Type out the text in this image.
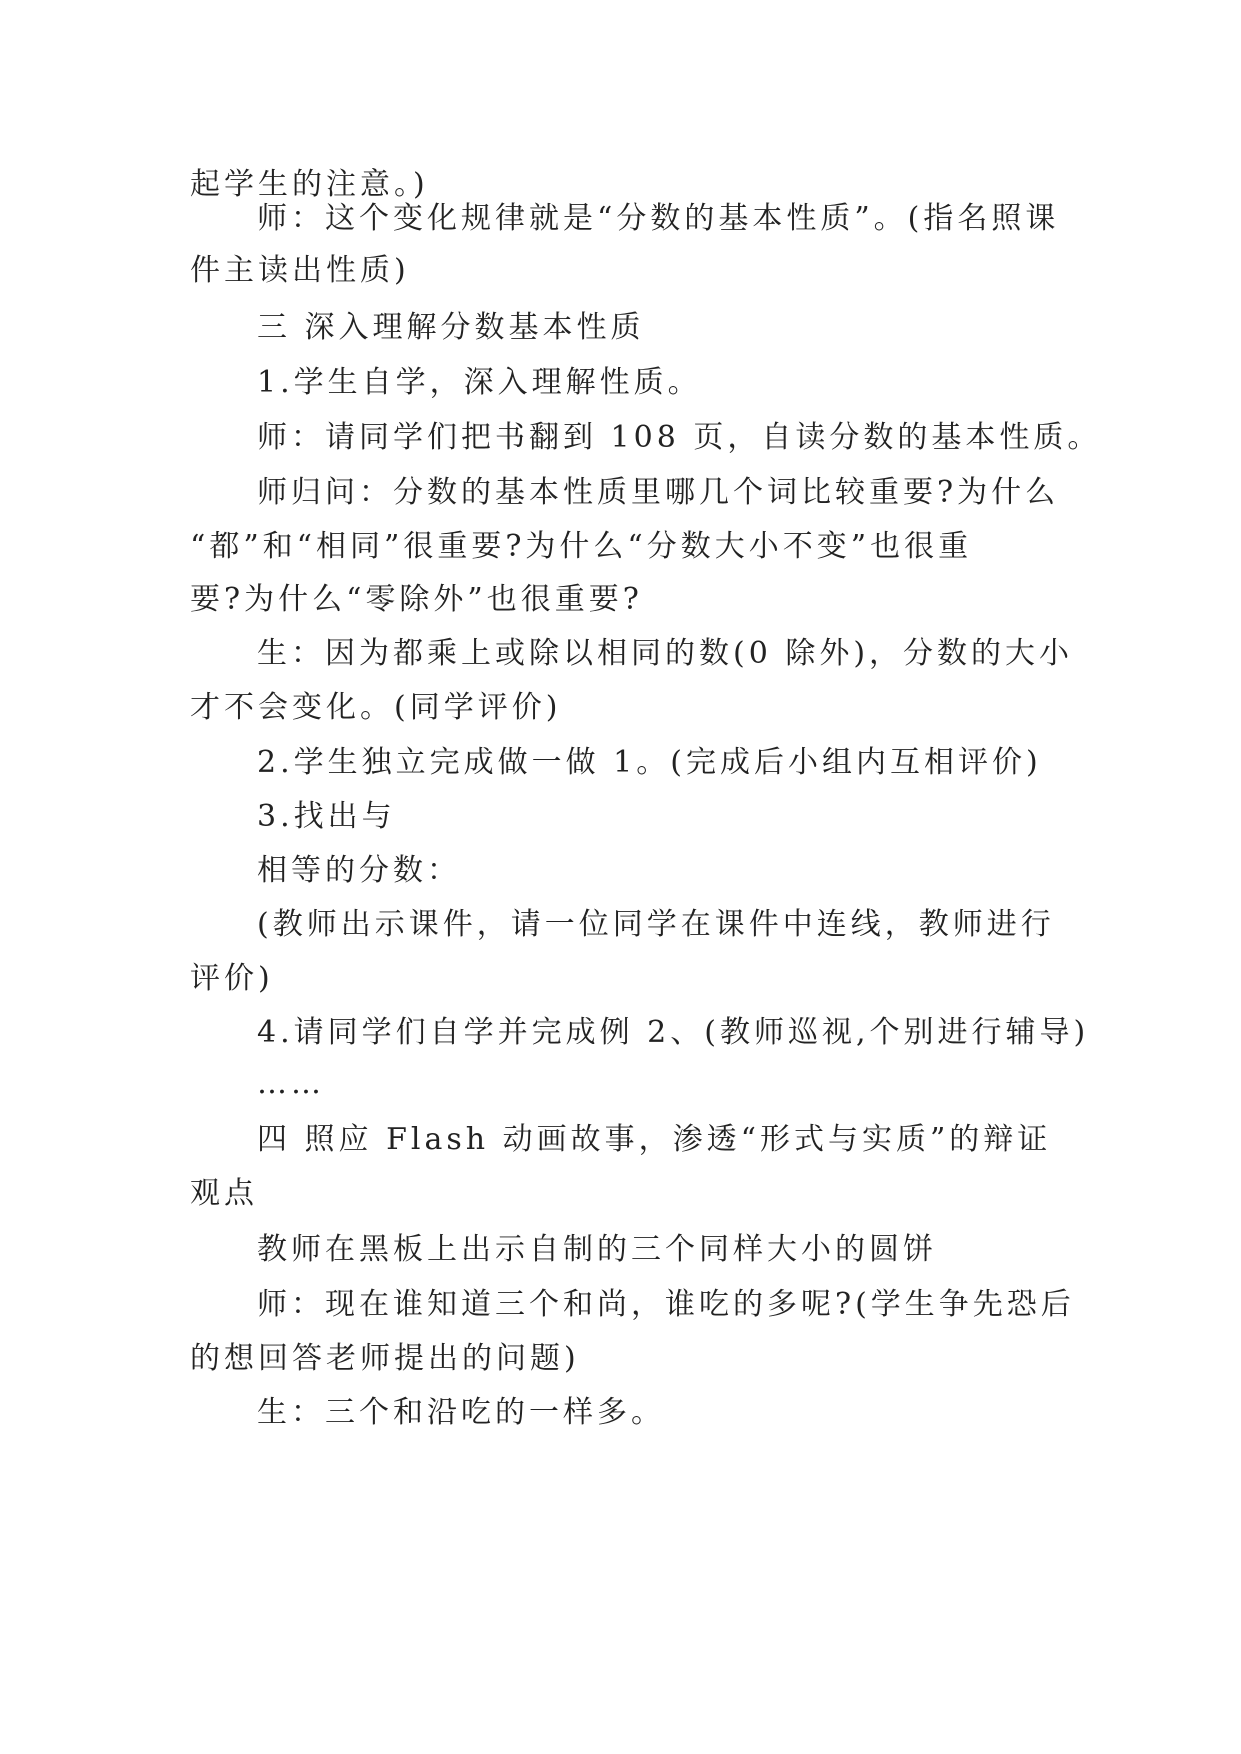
起学生的注意。)
师：这个变化规律就是“分数的基本性质”。(指名照课
件主读出性质)
三 深入理解分数基本性质
1.学生自学，深入理解性质。
师：请同学们把书翻到 108 页，自读分数的基本性质。
师归问：分数的基本性质里哪几个词比较重要?为什么
“都”和“相同”很重要?为什么“分数大小不变”也很重
要?为什么“零除外”也很重要?
生：因为都乘上或除以相同的数(0 除外)，分数的大小
才不会变化。(同学评价)
2.学生独立完成做一做 1。(完成后小组内互相评价)
3.找出与
相等的分数：
(教师出示课件，请一位同学在课件中连线，教师进行
评价)
4.请同学们自学并完成例 2、(教师巡视,个别进行辅导)
……
四 照应 Flash 动画故事，渗透“形式与实质”的辩证
观点
教师在黑板上出示自制的三个同样大小的圆饼
师：现在谁知道三个和尚，谁吃的多呢?(学生争先恐后
的想回答老师提出的问题)
生：三个和沿吃的一样多。
